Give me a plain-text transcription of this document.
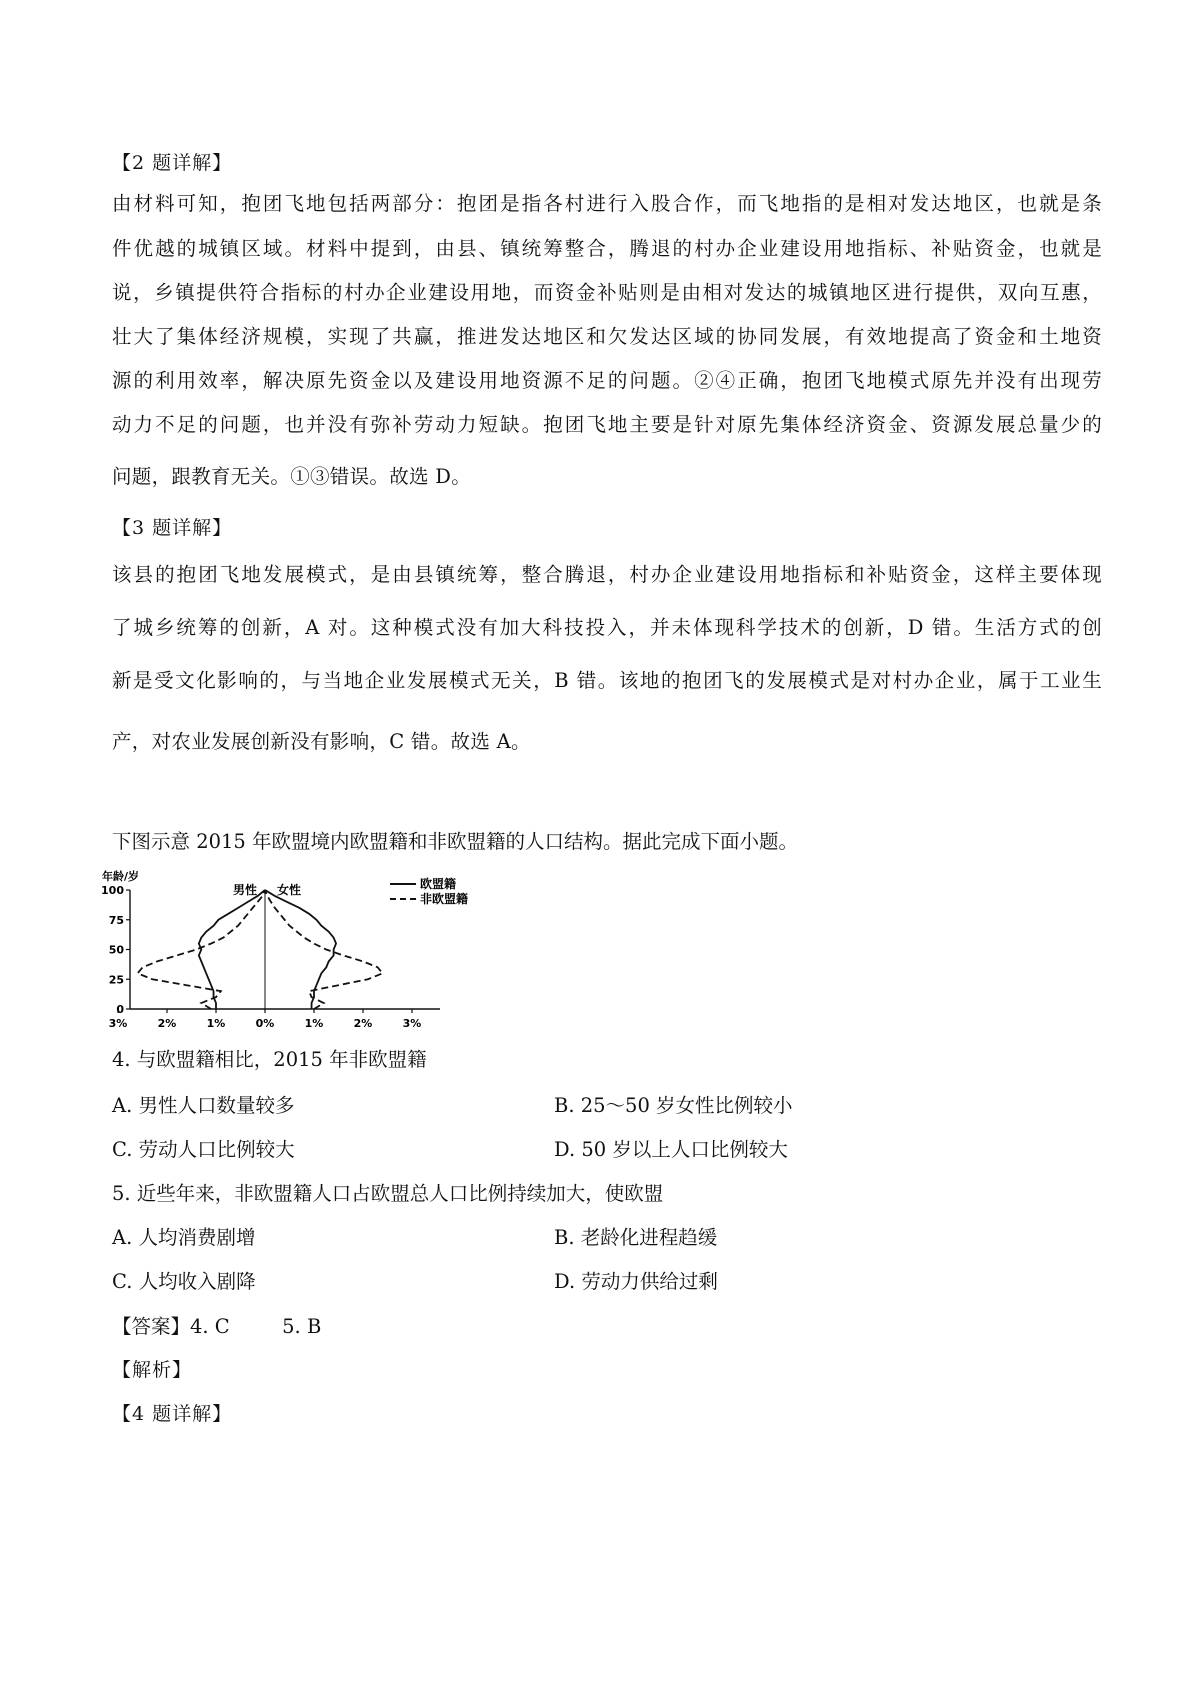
【2 题详解】
由材料可知，抱团飞地包括两部分：抱团是指各村进行入股合作，而飞地指的是相对发达地区，也就是条
件优越的城镇区域。材料中提到，由县、镇统筹整合，腾退的村办企业建设用地指标、补贴资金，也就是
说，乡镇提供符合指标的村办企业建设用地，而资金补贴则是由相对发达的城镇地区进行提供，双向互惠，
壮大了集体经济规模，实现了共赢，推进发达地区和欠发达区域的协同发展，有效地提高了资金和土地资
源的利用效率，解决原先资金以及建设用地资源不足的问题。②④正确，抱团飞地模式原先并没有出现劳
动力不足的问题，也并没有弥补劳动力短缺。抱团飞地主要是针对原先集体经济资金、资源发展总量少的
问题，跟教育无关。①③错误。故选 D。
【3 题详解】
该县的抱团飞地发展模式，是由县镇统筹，整合腾退，村办企业建设用地指标和补贴资金，这样主要体现
了城乡统筹的创新，A 对。这种模式没有加大科技投入，并未体现科学技术的创新，D 错。生活方式的创
新是受文化影响的，与当地企业发展模式无关，B 错。该地的抱团飞的发展模式是对村办企业，属于工业生
产，对农业发展创新没有影响，C 错。故选 A。
下图示意 2015 年欧盟境内欧盟籍和非欧盟籍的人口结构。据此完成下面小题。
0
25
50
75
100
3%	2%	1%	0%	1%	2%	3%
年龄/岁
男性 女性	欧盟籍
非欧盟籍
4. 与欧盟籍相比，2015 年非欧盟籍
A. 男性人口数量较多	B. 25～50 岁女性比例较小
C. 劳动人口比例较大	D. 50 岁以上人口比例较大
5. 近些年来，非欧盟籍人口占欧盟总人口比例持续加大，使欧盟
A. 人均消费剧增	B. 老龄化进程趋缓
C. 人均收入剧降	D. 劳动力供给过剩
【答案】4. C	5. B
【解析】
【4 题详解】
